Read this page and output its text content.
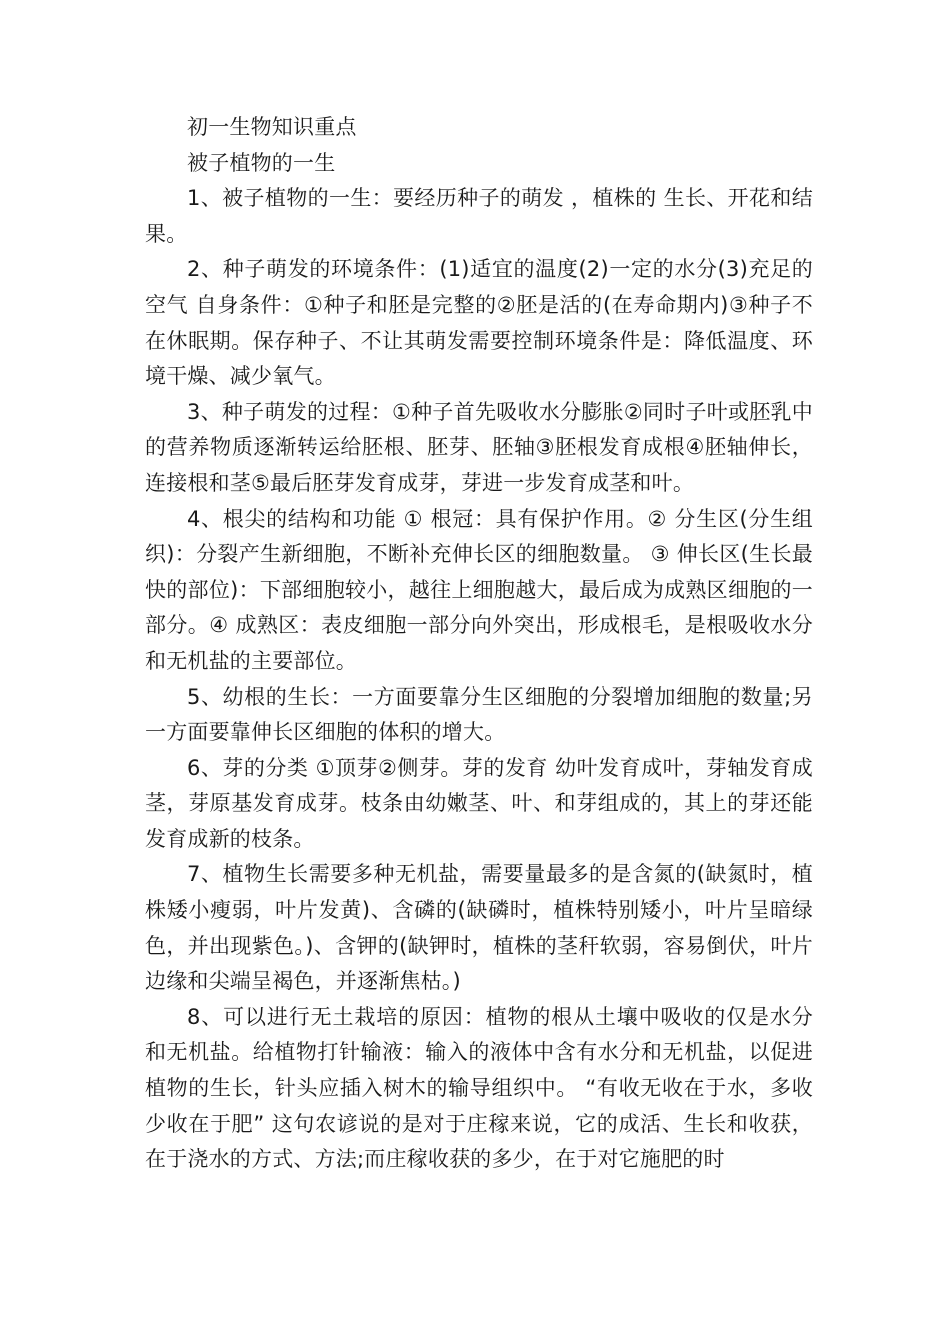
初一生物知识重点

被子植物的一生

1、被子植物的一生：要经历种子的萌发 ，植株的 生长、开花和结果。

2、种子萌发的环境条件：(1)适宜的温度(2)一定的水分(3)充足的空气 自身条件：①种子和胚是完整的②胚是活的(在寿命期内)③种子不在休眠期。保存种子、不让其萌发需要控制环境条件是：降低温度、环境干燥、减少氧气。

3、种子萌发的过程：①种子首先吸收水分膨胀②同时子叶或胚乳中的营养物质逐渐转运给胚根、胚芽、胚轴③胚根发育成根④胚轴伸长，连接根和茎⑤最后胚芽发育成芽，芽进一步发育成茎和叶。

4、根尖的结构和功能 ① 根冠：具有保护作用。② 分生区(分生组织)：分裂产生新细胞，不断补充伸长区的细胞数量。 ③ 伸长区(生长最快的部位)：下部细胞较小，越往上细胞越大，最后成为成熟区细胞的一部分。④ 成熟区：表皮细胞一部分向外突出，形成根毛，是根吸收水分和无机盐的主要部位。

5、幼根的生长：一方面要靠分生区细胞的分裂增加细胞的数量;另一方面要靠伸长区细胞的体积的增大。

6、芽的分类 ①顶芽②侧芽。芽的发育 幼叶发育成叶，芽轴发育成茎，芽原基发育成芽。枝条由幼嫩茎、叶、和芽组成的，其上的芽还能发育成新的枝条。

7、植物生长需要多种无机盐，需要量最多的是含氮的(缺氮时，植株矮小瘦弱，叶片发黄)、含磷的(缺磷时，植株特别矮小，叶片呈暗绿色，并出现紫色。)、含钾的(缺钾时，植株的茎秆软弱，容易倒伏，叶片边缘和尖端呈褐色，并逐渐焦枯。)

8、可以进行无土栽培的原因：植物的根从土壤中吸收的仅是水分和无机盐。给植物打针输液：输入的液体中含有水分和无机盐，以促进植物的生长，针头应插入树木的输导组织中。 “有收无收在于水，多收少收在于肥” 这句农谚说的是对于庄稼来说，它的成活、生长和收获，在于浇水的方式、方法;而庄稼收获的多少，在于对它施肥的时
